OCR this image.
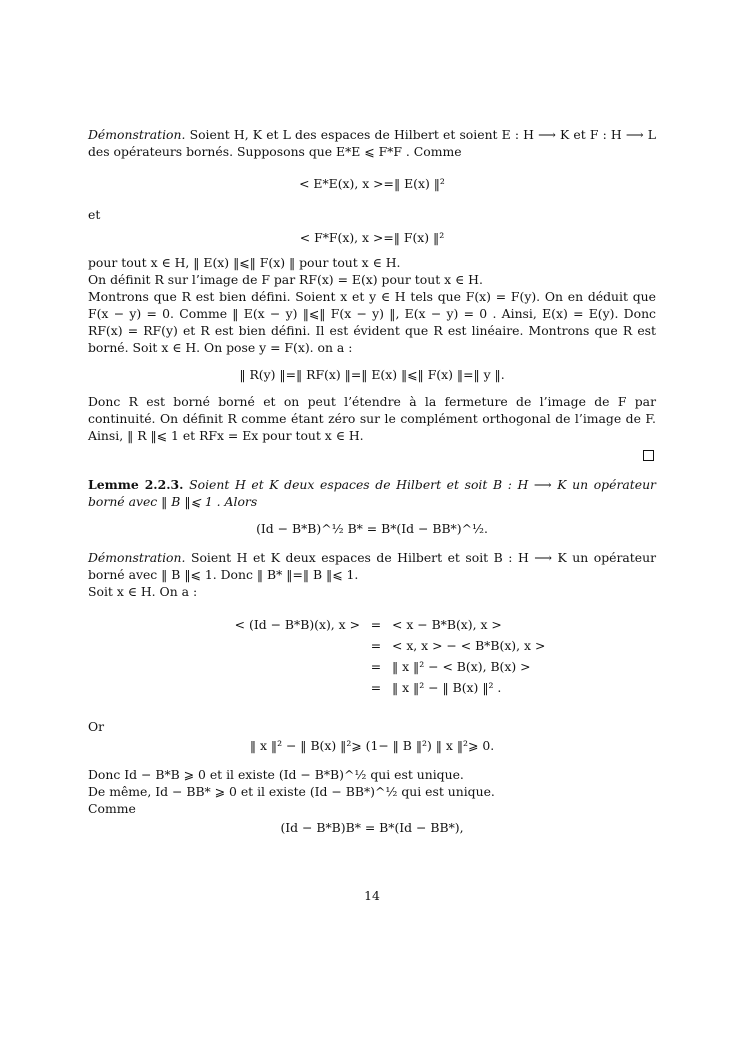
Démonstration. Soient H, K et L des espaces de Hilbert et soient E : H ⟶ K et F : H ⟶ L des opérateurs bornés. Supposons que E*E ⩽ F*F . Comme

< E*E(x), x >=‖ E(x) ‖²

et

< F*F(x), x >=‖ F(x) ‖²

pour tout x ∈ H, ‖ E(x) ‖⩽‖ F(x) ‖ pour tout x ∈ H.

On définit R sur l’image de F par RF(x) = E(x) pour tout x ∈ H.

Montrons que R est bien défini. Soient x et y ∈ H tels que F(x) = F(y). On en déduit que F(x − y) = 0. Comme ‖ E(x − y) ‖⩽‖ F(x − y) ‖, E(x − y) = 0 . Ainsi, E(x) = E(y). Donc RF(x) = RF(y) et R est bien défini. Il est évident que R est linéaire. Montrons que R est borné. Soit x ∈ H. On pose y = F(x). on a :

‖ R(y) ‖=‖ RF(x) ‖=‖ E(x) ‖⩽‖ F(x) ‖=‖ y ‖.

Donc R est borné borné et on peut l’étendre à la fermeture de l’image de F par continuité. On définit R comme étant zéro sur le complément orthogonal de l’image de F. Ainsi, ‖ R ‖⩽ 1 et RFx = Ex pour tout x ∈ H.

Lemme 2.2.3. Soient H et K deux espaces de Hilbert et soit B : H ⟶ K un opérateur borné avec ‖ B ‖⩽ 1 . Alors

(Id − B*B)^½ B* = B*(Id − BB*)^½.

Démonstration. Soient H et K deux espaces de Hilbert et soit B : H ⟶ K un opérateur borné avec ‖ B ‖⩽ 1. Donc ‖ B* ‖=‖ B ‖⩽ 1.

Soit x ∈ H. On a :

< (Id − B*B)(x), x >	=	< x − B*B(x), x >
	=	< x, x > − < B*B(x), x >
	=	‖ x ‖² − < B(x), B(x) >
	=	‖ x ‖² − ‖ B(x) ‖² .

Or

‖ x ‖² − ‖ B(x) ‖²⩾ (1− ‖ B ‖²) ‖ x ‖²⩾ 0.

Donc Id − B*B ⩾ 0 et il existe (Id − B*B)^½ qui est unique.

De même, Id − BB* ⩾ 0 et il existe (Id − BB*)^½ qui est unique.

Comme

(Id − B*B)B* = B*(Id − BB*),
14
